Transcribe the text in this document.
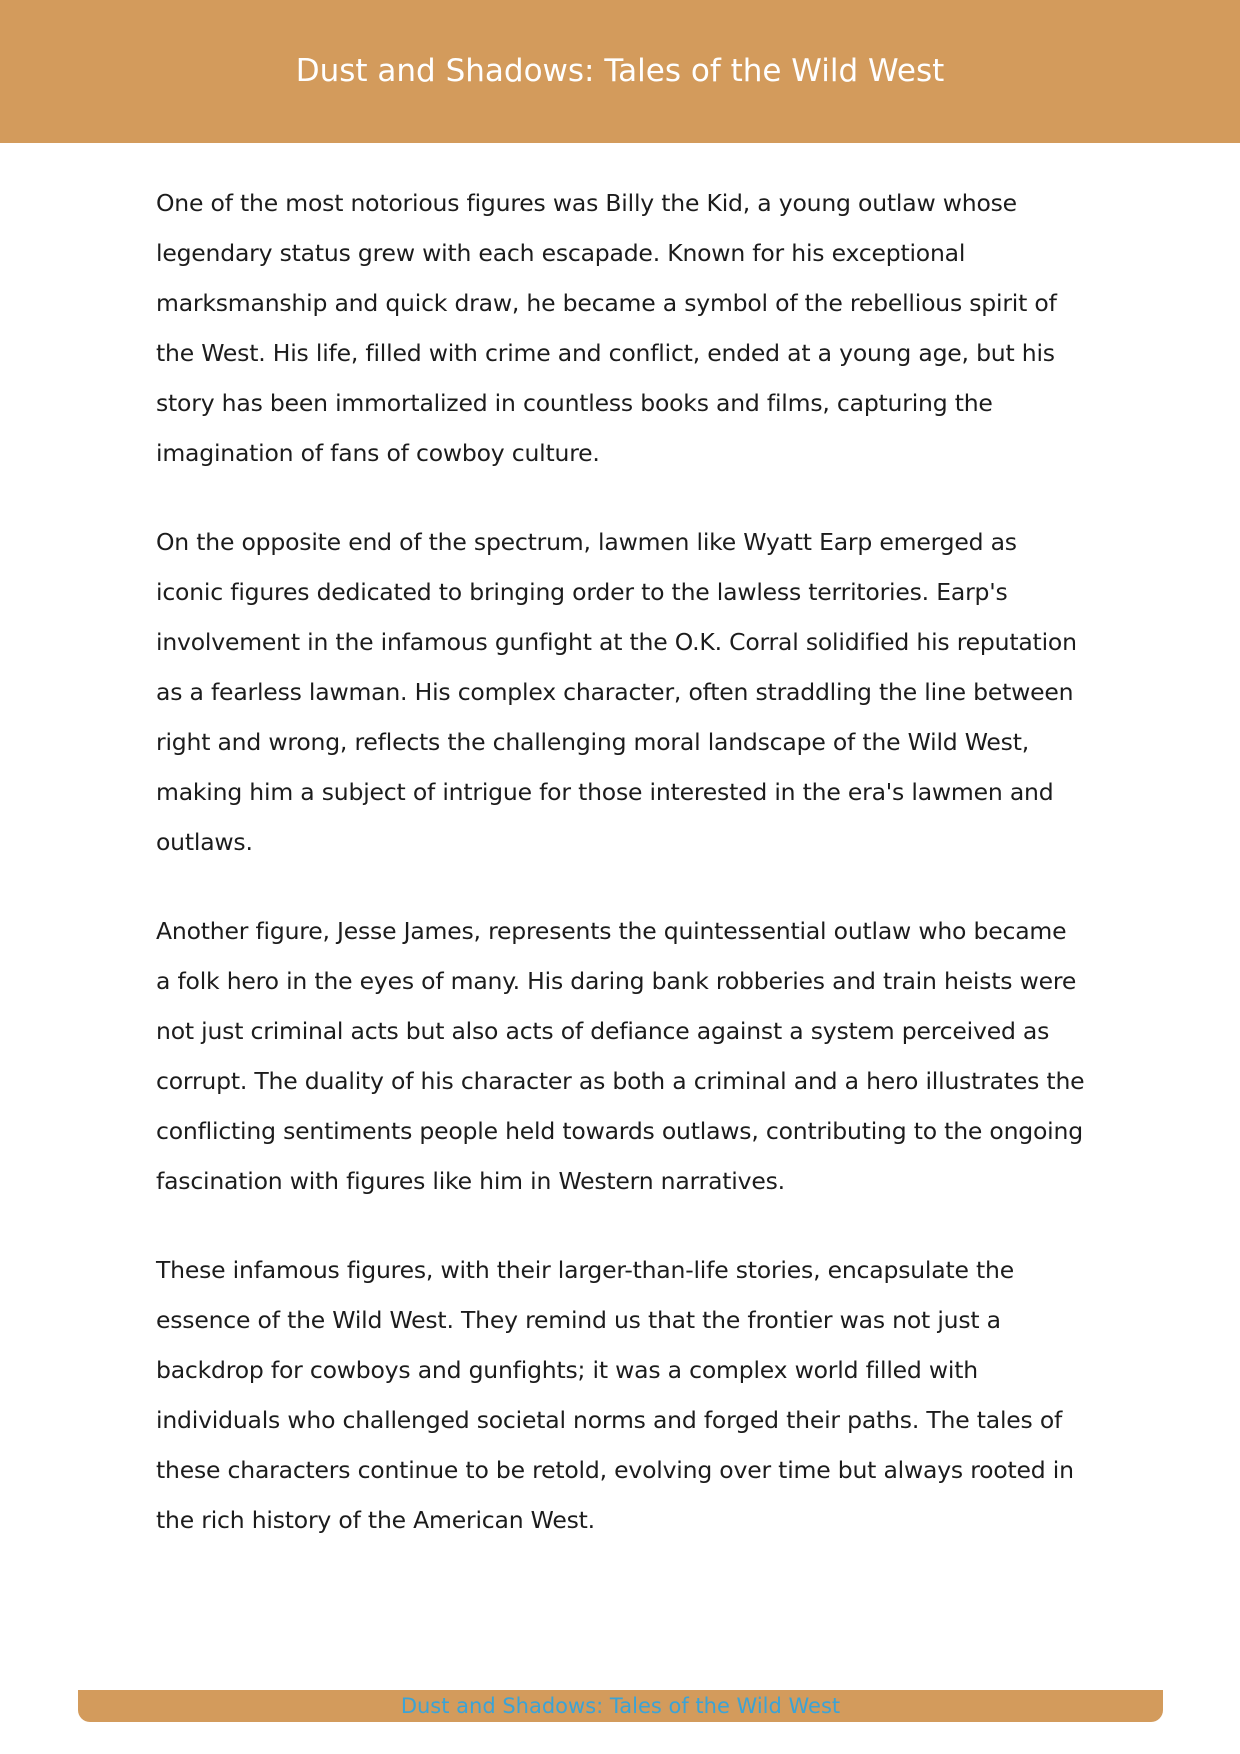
Dust and Shadows: Tales of the Wild West

One of the most notorious figures was Billy the Kid, a young outlaw whose legendary status grew with each escapade. Known for his exceptional marksmanship and quick draw, he became a symbol of the rebellious spirit of the West. His life, filled with crime and conflict, ended at a young age, but his story has been immortalized in countless books and films, capturing the imagination of fans of cowboy culture.

On the opposite end of the spectrum, lawmen like Wyatt Earp emerged as iconic figures dedicated to bringing order to the lawless territories. Earp's involvement in the infamous gunfight at the O.K. Corral solidified his reputation as a fearless lawman. His complex character, often straddling the line between right and wrong, reflects the challenging moral landscape of the Wild West, making him a subject of intrigue for those interested in the era's lawmen and outlaws.

Another figure, Jesse James, represents the quintessential outlaw who became a folk hero in the eyes of many. His daring bank robberies and train heists were not just criminal acts but also acts of defiance against a system perceived as corrupt. The duality of his character as both a criminal and a hero illustrates the conflicting sentiments people held towards outlaws, contributing to the ongoing fascination with figures like him in Western narratives.

These infamous figures, with their larger-than-life stories, encapsulate the essence of the Wild West. They remind us that the frontier was not just a backdrop for cowboys and gunfights; it was a complex world filled with individuals who challenged societal norms and forged their paths. The tales of these characters continue to be retold, evolving over time but always rooted in the rich history of the American West.

Dust and Shadows: Tales of the Wild West
